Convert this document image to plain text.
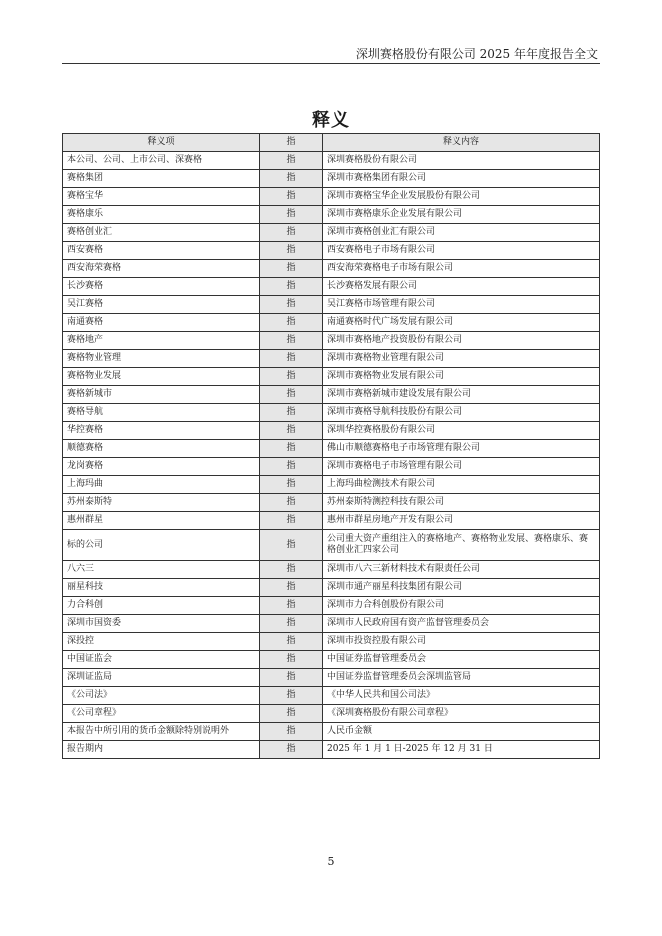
深圳赛格股份有限公司 2025 年年度报告全文
释义
释义项	指	释义内容
本公司、公司、上市公司、深赛格	指	深圳赛格股份有限公司
赛格集团	指	深圳市赛格集团有限公司
赛格宝华	指	深圳市赛格宝华企业发展股份有限公司
赛格康乐	指	深圳市赛格康乐企业发展有限公司
赛格创业汇	指	深圳市赛格创业汇有限公司
西安赛格	指	西安赛格电子市场有限公司
西安海荣赛格	指	西安海荣赛格电子市场有限公司
长沙赛格	指	长沙赛格发展有限公司
吴江赛格	指	吴江赛格市场管理有限公司
南通赛格	指	南通赛格时代广场发展有限公司
赛格地产	指	深圳市赛格地产投资股份有限公司
赛格物业管理	指	深圳市赛格物业管理有限公司
赛格物业发展	指	深圳市赛格物业发展有限公司
赛格新城市	指	深圳市赛格新城市建设发展有限公司
赛格导航	指	深圳市赛格导航科技股份有限公司
华控赛格	指	深圳华控赛格股份有限公司
顺德赛格	指	佛山市顺德赛格电子市场管理有限公司
龙岗赛格	指	深圳市赛格电子市场管理有限公司
上海玛曲	指	上海玛曲检测技术有限公司
苏州泰斯特	指	苏州泰斯特测控科技有限公司
惠州群星	指	惠州市群星房地产开发有限公司
标的公司	指	公司重大资产重组注入的赛格地产、赛格物业发展、赛格康乐、赛格创业汇四家公司
八六三	指	深圳市八六三新材料技术有限责任公司
丽星科技	指	深圳市通产丽星科技集团有限公司
力合科创	指	深圳市力合科创股份有限公司
深圳市国资委	指	深圳市人民政府国有资产监督管理委员会
深投控	指	深圳市投资控股有限公司
中国证监会	指	中国证券监督管理委员会
深圳证监局	指	中国证券监督管理委员会深圳监管局
《公司法》	指	《中华人民共和国公司法》
《公司章程》	指	《深圳赛格股份有限公司章程》
本报告中所引用的货币金额除特别说明外	指	人民币金额
报告期内	指	2025 年 1 月 1 日-2025 年 12 月 31 日
5
